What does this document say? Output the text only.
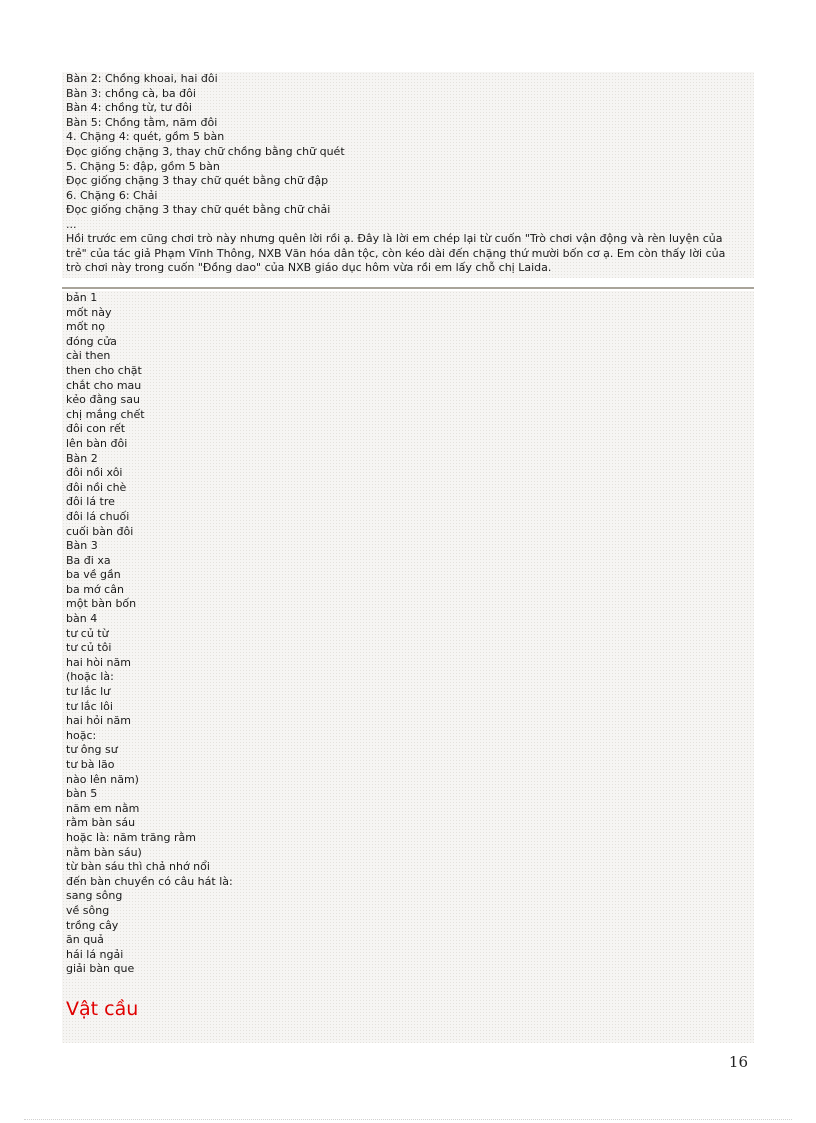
Bàn 2: Chồng khoai, hai đôi
Bàn 3: chồng cà, ba đôi
Bàn 4: chồng từ, tư đôi
Bàn 5: Chồng tằm, năm đôi
4. Chặng 4: quét, gồm 5 bàn
Đọc giống chặng 3, thay chữ chồng bằng chữ quét
5. Chặng 5: đập, gồm 5 bàn
Đọc giống chặng 3 thay chữ quét bằng chữ đập
6. Chặng 6: Chải
Đọc giống chặng 3 thay chữ quét bằng chữ chải
...

Hồi trước em cũng chơi trò này nhưng quên lời rồi ạ. Đây là lời em chép lại từ cuốn "Trò chơi vận động và rèn luyện của trẻ" của tác giả Phạm Vĩnh Thông, NXB Văn hóa dân tộc, còn kéo dài đến chặng thứ mười bốn cơ ạ. Em còn thấy lời của trò chơi này trong cuốn "Đồng dao" của NXB giáo dục hôm vừa rồi em lấy chỗ chị Laida.

bản 1
mốt này
mốt nọ
đóng cửa
cài then
then cho chặt
chắt cho mau
kẻo đằng sau
chị mắng chết
đôi con rết
lên bàn đôi
Bàn 2
đôi nồi xôi
đôi nồi chè
đôi lá tre
đôi lá chuối
cuối bàn đôi
Bàn 3
Ba đi xa
ba về gần
ba mớ cân
một bàn bốn
bàn 4
tư củ từ
tư củ tôi
hai hòi năm
(hoặc là:
tư lắc lư
tư lắc lôi
hai hỏi năm
hoặc:
tư ông sư
tư bà lão
nào lên năm)
bàn 5
năm em nằm
rằm bàn sáu
hoặc là: năm trăng rằm
nằm bàn sáu)
từ bàn sáu thì chả nhớ nổi
đến bàn chuyền có câu hát là:
sang sông
về sông
trồng cây
ăn quả
hái lá ngải
giải bàn que
Vật cầu
16
